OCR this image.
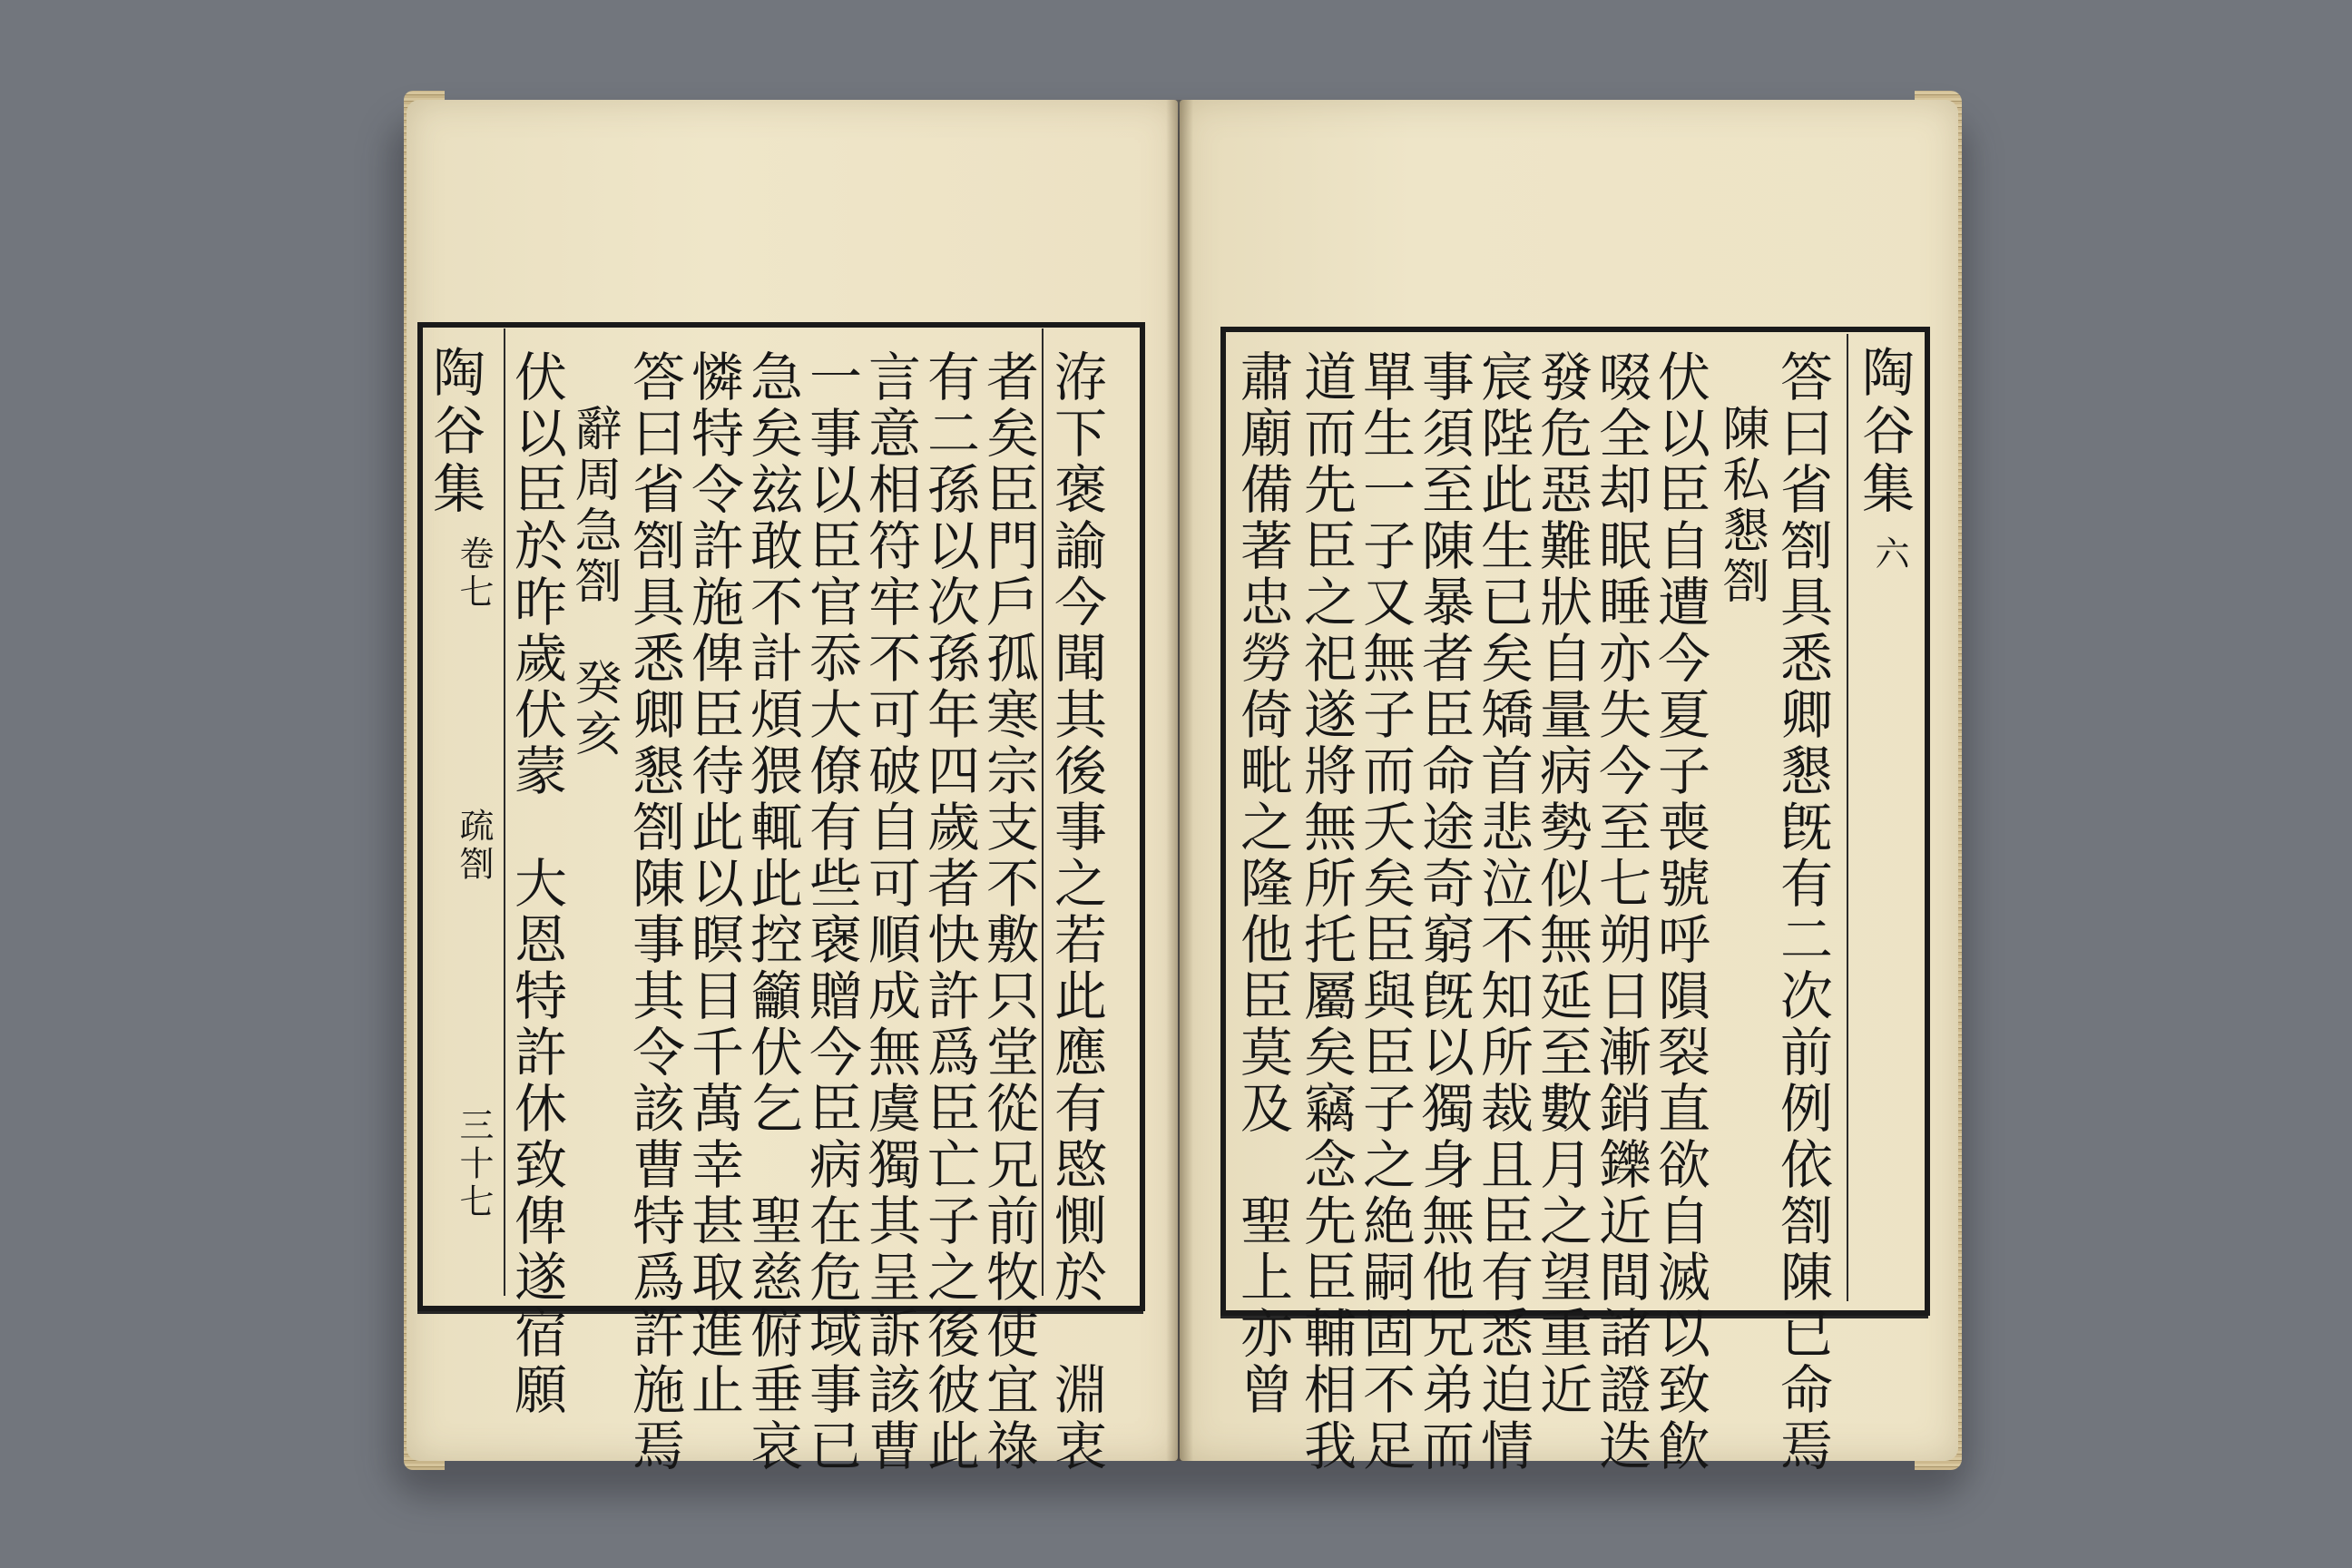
陶谷集
卷七
疏劄
三十七 伏以臣於昨歲伏蒙　大恩特許休致俾遂宿願 辭周急劄　癸亥 答曰省劄具悉卿懇劄陳事其令該曹特爲許施焉
憐特令許施俾臣待此以瞑目千萬幸甚取進止
急矣玆敢不計煩猥輒此控籲伏乞　聖慈俯垂哀
一事以臣官忝大僚有些襃贈今臣病在危域事已
言意相符牢不可破自可順成無虞獨其呈訴該曹
有二孫以次孫年四歲者快許爲臣亡子之後彼此
者矣臣門戶孤寒宗支不敷只堂從兄前牧使宜祿 洊下褒諭今聞其後事之若此應有愍惻於　淵衷 肅廟備著忠勞倚毗之隆他臣莫及　聖上亦曾 道而先臣之祀遂將無所托屬矣竊念先臣輔相我
單生一子又無子而夭矣臣與臣子之絶嗣固不足
事須至陳暴者臣命途奇窮旣以獨身無他兄弟而
宸陛此生已矣矯首悲泣不知所裁且臣有悉迫情
發危惡難狀自量病勢似無延至數月之望重近
啜全却眠睡亦失今至七朔日漸銷鑠近間諸證迭
伏以臣自遭今夏子喪號呼隕裂直欲自滅以致飮 陳私懇劄 答曰省劄具悉卿懇旣有二次前例依劄陳已命焉 陶谷集
六
